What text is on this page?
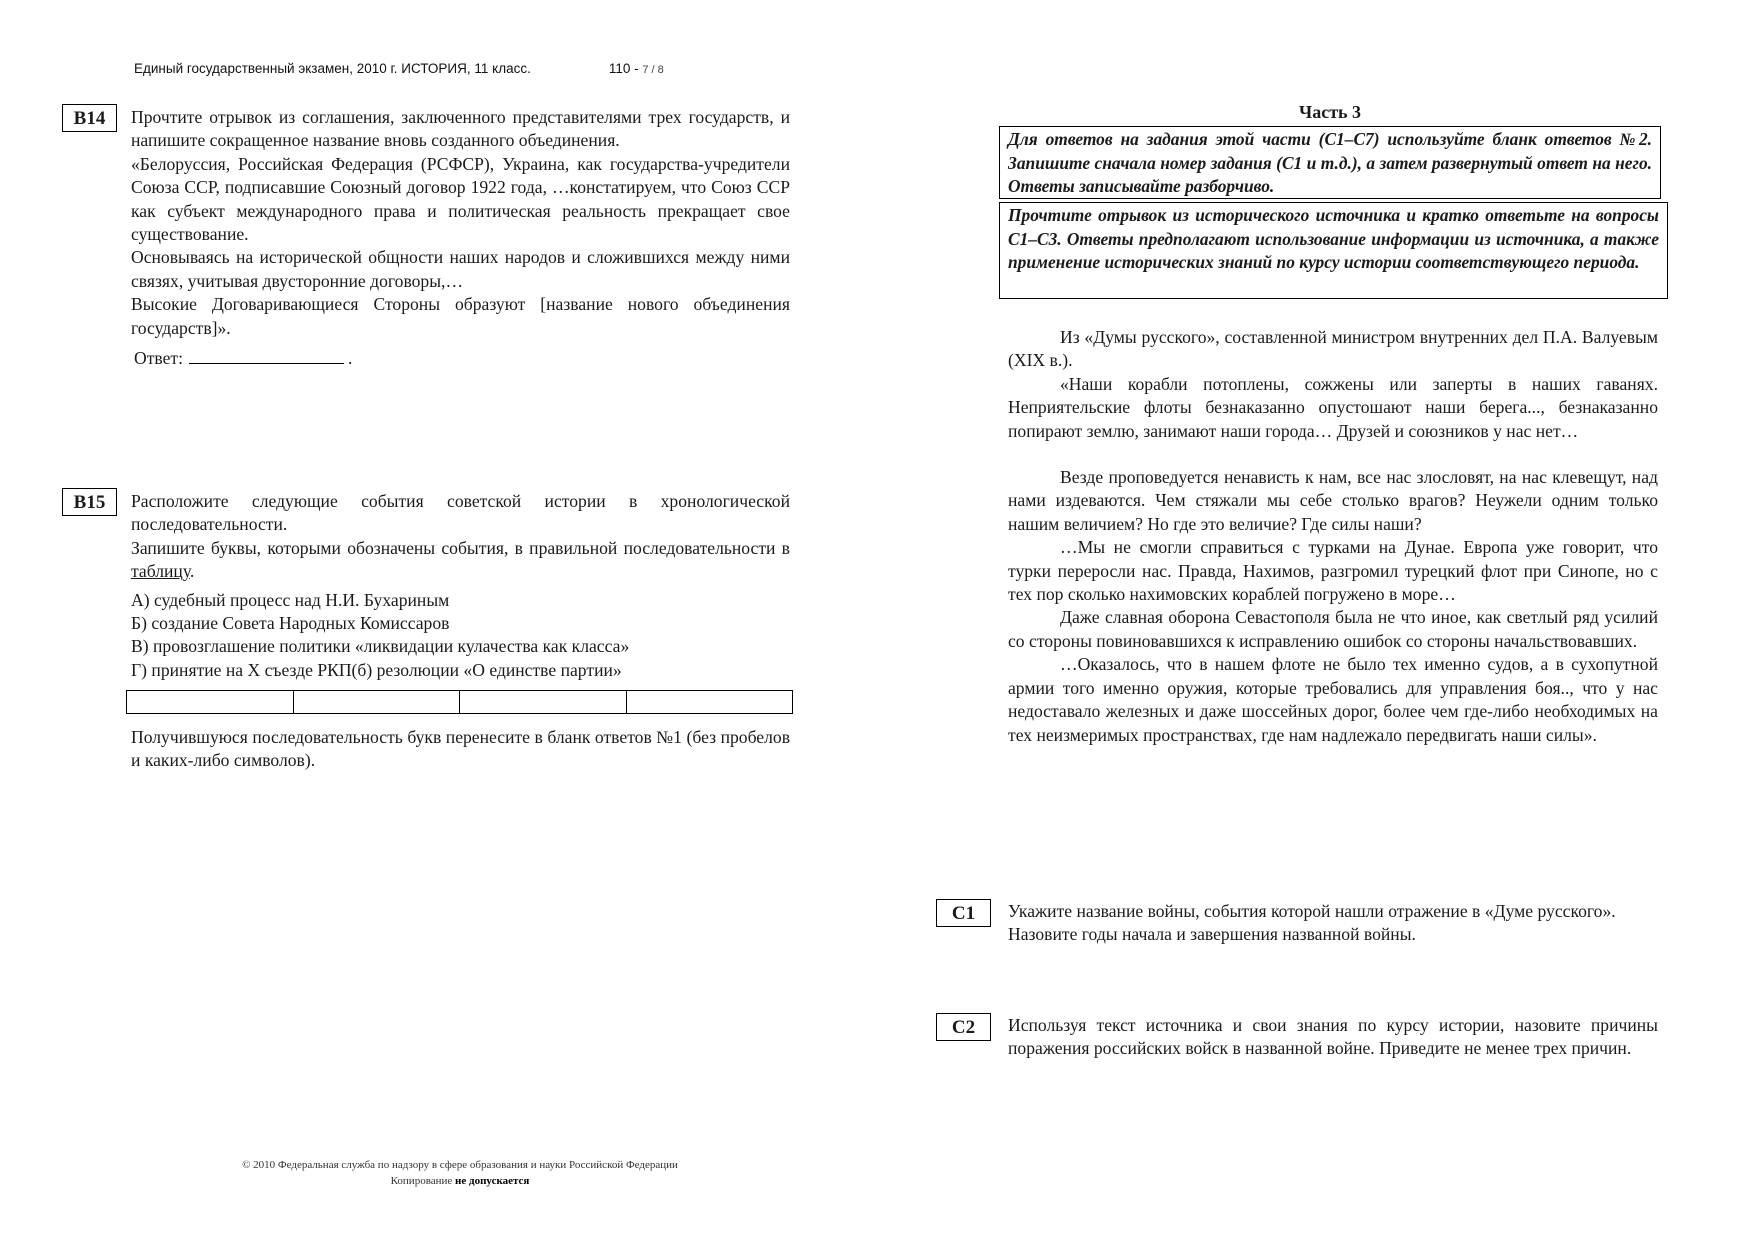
Единый государственный экзамен, 2010 г. ИСТОРИЯ, 11 класс.	110 - 7 / 8
B14	Прочтите отрывок из соглашения, заключенного представителями трех государств, и напишите сокращенное название вновь созданного объединения.

«Белоруссия, Российская Федерация (РСФСР), Украина, как государства-учредители Союза ССР, подписавшие Союзный договор 1922 года, …констатируем, что Союз ССР как субъект международного права и политическая реальность прекращает свое существование.

Основываясь на исторической общности наших народов и сложившихся между ними связях, учитывая двусторонние договоры,…

Высокие Договаривающиеся Стороны образуют [название нового объединения государств]».

Ответ:	.

B15	Расположите следующие события советской истории в хронологической последовательности.

Запишите буквы, которыми обозначены события, в правильной последовательности в таблицу.

А) судебный процесс над Н.И. Бухариным

Б) создание Совета Народных Комиссаров

В) провозглашение политики «ликвидации кулачества как класса»

Г) принятие на X съезде РКП(б) резолюции «О единстве партии»

Получившуюся последовательность букв перенесите в бланк ответов №1 (без пробелов и каких-либо символов).

Часть 3
Для ответов на задания этой части (С1–С7) используйте бланк ответов №2. Запишите сначала номер задания (С1 и т.д.), а затем развернутый ответ на него. Ответы записывайте разборчиво.
Прочтите отрывок из исторического источника и кратко ответьте на вопросы С1–С3. Ответы предполагают использование информации из источника, а также применение исторических знаний по курсу истории соответствующего периода.

Из «Думы русского», составленной министром внутренних дел П.А. Валуевым (XIX в.).

«Наши корабли потоплены, сожжены или заперты в наших гаванях. Неприятельские флоты безнаказанно опустошают наши берега..., безнаказанно попирают землю, занимают наши города… Друзей и союзников у нас нет…

Везде проповедуется ненависть к нам, все нас злословят, на нас клевещут, над нами издеваются. Чем стяжали мы себе столько врагов? Неужели одним только нашим величием? Но где это величие? Где силы наши?

…Мы не смогли справиться с турками на Дунае. Европа уже говорит, что турки переросли нас. Правда, Нахимов, разгромил турецкий флот при Синопе, но с тех пор сколько нахимовских кораблей погружено в море…

Даже славная оборона Севастополя была не что иное, как светлый ряд усилий со стороны повиновавшихся к исправлению ошибок со стороны начальствовавших.

…Оказалось, что в нашем флоте не было тех именно судов, а в сухопутной армии того именно оружия, которые требовались для управления боя.., что у нас недоставало железных и даже шоссейных дорог, более чем где-либо необходимых на тех неизмеримых пространствах, где нам надлежало передвигать наши силы».

C1	Укажите название войны, события которой нашли отражение в «Думе русского».

Назовите годы начала и завершения названной войны.

C2	Используя текст источника и свои знания по курсу истории, назовите причины поражения российских войск в названной войне. Приведите не менее трех причин.

© 2010 Федеральная служба по надзору в сфере образования и науки Российской Федерации
Копирование не допускается
